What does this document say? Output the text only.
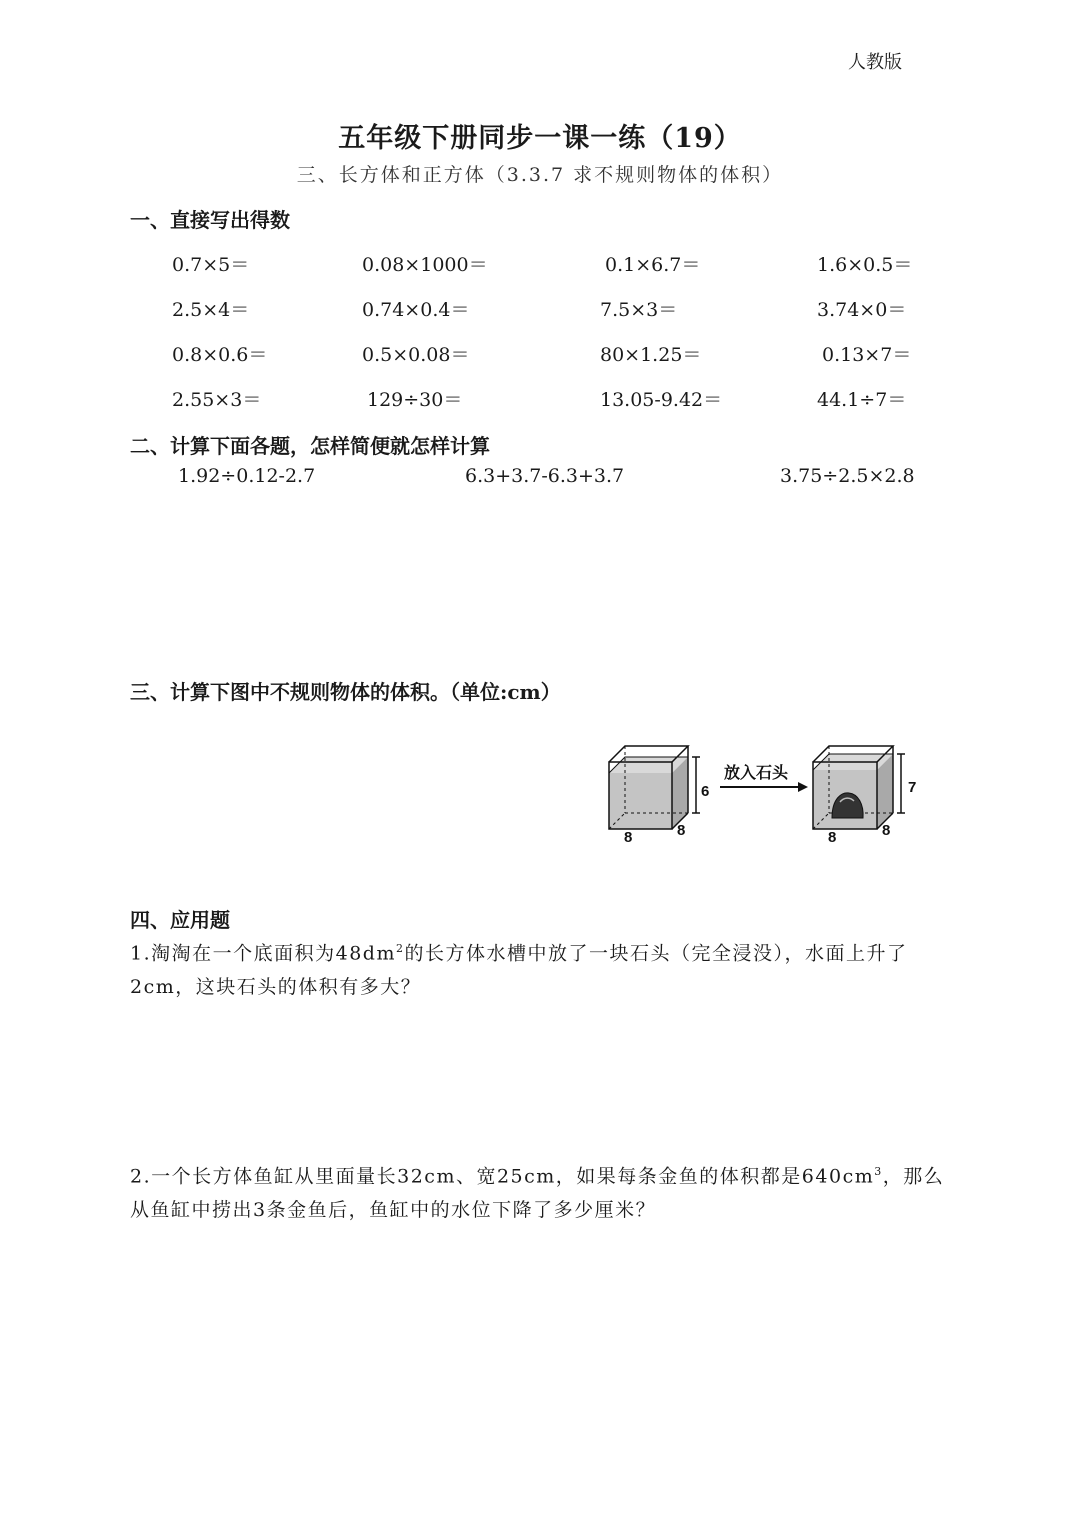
人教版
五年级下册同步一课一练（19）
三、长方体和正方体（3.3.7 求不规则物体的体积）
一、直接写出得数
0.7×5＝	0.08×1000＝	0.1×6.7＝	1.6×0.5＝
2.5×4＝	0.74×0.4＝	7.5×3＝	3.74×0＝
0.8×0.6＝	0.5×0.08＝	80×1.25＝	0.13×7＝
2.55×3＝	129÷30＝	13.05-9.42＝	44.1÷7＝
二、计算下面各题，怎样简便就怎样计算
1.92÷0.12-2.7	6.3+3.7-6.3+3.7	3.75÷2.5×2.8
三、计算下图中不规则物体的体积。（单位:cm）
6
8	8
放入石头
7
8	8
四、应用题
1.淘淘在一个底面积为$48dm^2$的长方体水槽中放了一块石头（完全浸没），水面上升了2cm，这块石头的体积有多大？
2.一个长方体鱼缸从里面量长32cm、宽25cm，如果每条金鱼的体积都是$640cm^3$，那么从鱼缸中捞出3条金鱼后，鱼缸中的水位下降了多少厘米？
